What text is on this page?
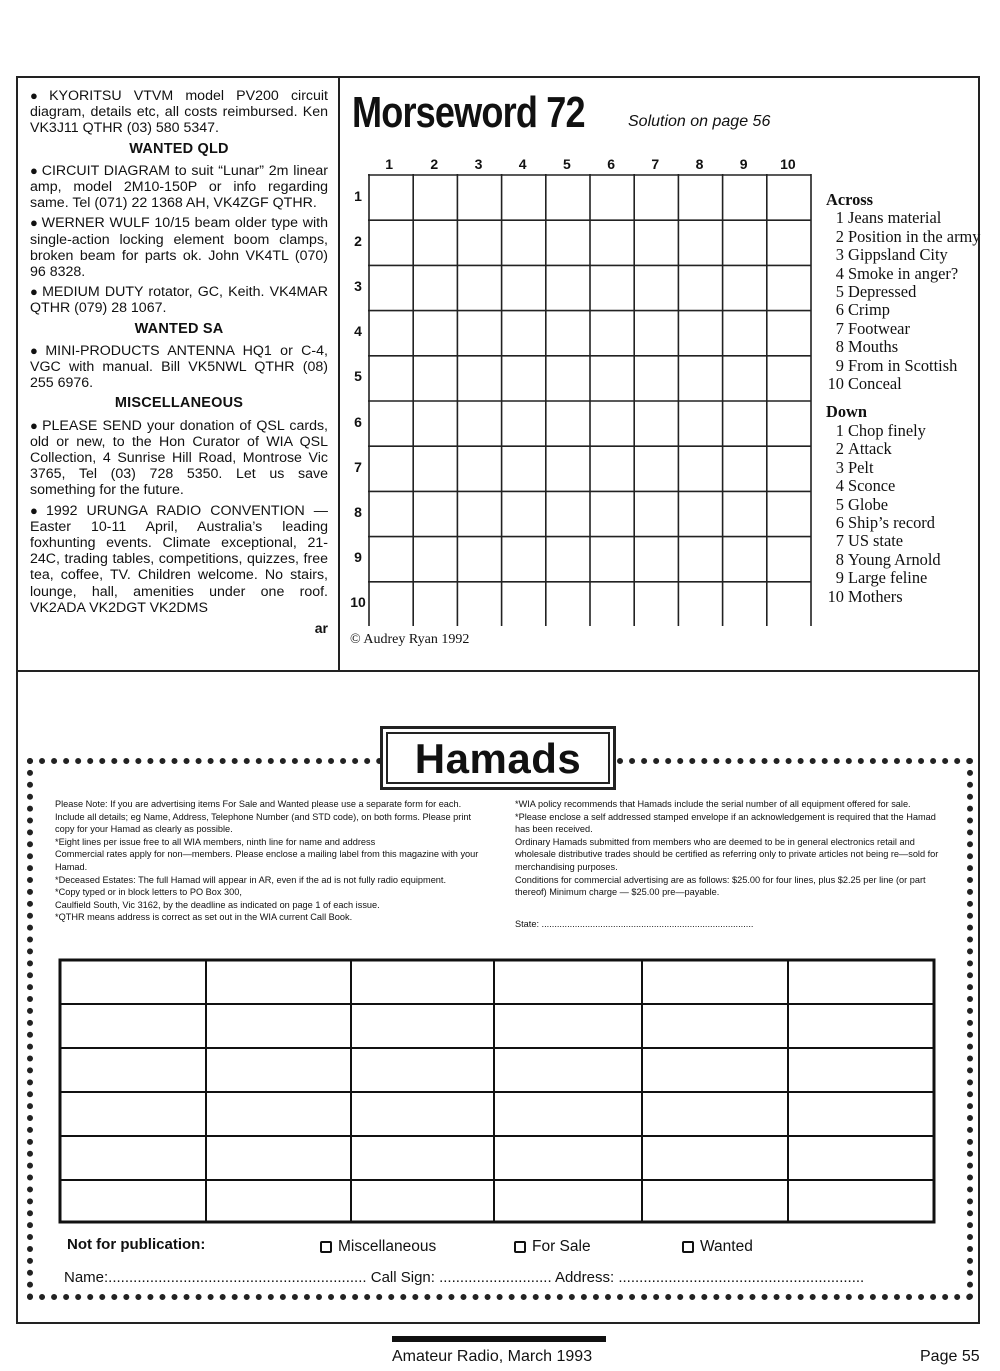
● KYORITSU VTVM model PV200 circuit diagram, details etc, all costs reimbursed. Ken VK3J11 QTHR (03) 580 5347.

WANTED QLD

● CIRCUIT DIAGRAM to suit “Lunar” 2m linear amp, model 2M10-150P or info regarding same. Tel (071) 22 1368 AH, VK4ZGF QTHR.

● WERNER WULF 10/15 beam older type with single-action locking element boom clamps, broken beam for parts ok. John VK4TL (070) 96 8328.

● MEDIUM DUTY rotator, GC, Keith. VK4MAR QTHR (079) 28 1067.

WANTED SA

● MINI-PRODUCTS ANTENNA HQ1 or C-4, VGC with manual. Bill VK5NWL QTHR (08) 255 6976.

MISCELLANEOUS

● PLEASE SEND your donation of QSL cards, old or new, to the Hon Curator of WIA QSL Collection, 4 Sunrise Hill Road, Montrose Vic 3765, Tel (03) 728 5350. Let us save something for the future.

● 1992 URUNGA RADIO CONVENTION — Easter 10-11 April, Australia’s leading foxhunting events. Climate exceptional, 21-24C, trading tables, competitions, quizzes, free tea, coffee, TV. Children welcome. No stairs, lounge, hall, amenities under one roof. VK2ADA VK2DGT VK2DMS

ar
Morseword 72	Solution on page 56
1	2	3	4	5	6	7	8	9	10
1
2
3
4
5
6
7
8
9
10
© Audrey Ryan 1992
Across
1 Jeans material
2 Position in the army
3 Gippsland City
4 Smoke in anger?
5 Depressed
6 Crimp
7 Footwear
8 Mouths
9 From in Scottish
10 Conceal
Down
1 Chop finely
2 Attack
3 Pelt
4 Sconce
5 Globe
6 Ship’s record
7 US state
8 Young Arnold
9 Large feline
10 Mothers
Hamads

Please Note: If you are advertising items For Sale and Wanted please use a separate form for each. Include all details; eg Name, Address, Telephone Number (and STD code), on both forms. Please print copy for your Hamad as clearly as possible.

*Eight lines per issue free to all WIA members, ninth line for name and address

Commercial rates apply for non—members. Please enclose a mailing label from this magazine with your Hamad.

*Deceased Estates: The full Hamad will appear in AR, even if the ad is not fully radio equipment.

*Copy typed or in block letters to PO Box 300,

Caulfield South, Vic 3162, by the deadline as indicated on page 1 of each issue.

*QTHR means address is correct as set out in the WIA current Call Book.

*WIA policy recommends that Hamads include the serial number of all equipment offered for sale.

*Please enclose a self addressed stamped envelope if an acknowledgement is required that the Hamad has been received.

Ordinary Hamads submitted from members who are deemed to be in general electronics retail and wholesale distributive trades should be certified as referring only to private articles not being re—sold for merchandising purposes.

Conditions for commercial advertising are as follows: $25.00 for four lines, plus $2.25 per line (or part thereof) Minimum charge — $25.00 pre—payable.

State: ...................................................................................

Not for publication:	Miscellaneous	For Sale	Wanted
Name:.............................................................. Call Sign: ........................... Address: ...........................................................
Amateur Radio, March 1993	Page 55
